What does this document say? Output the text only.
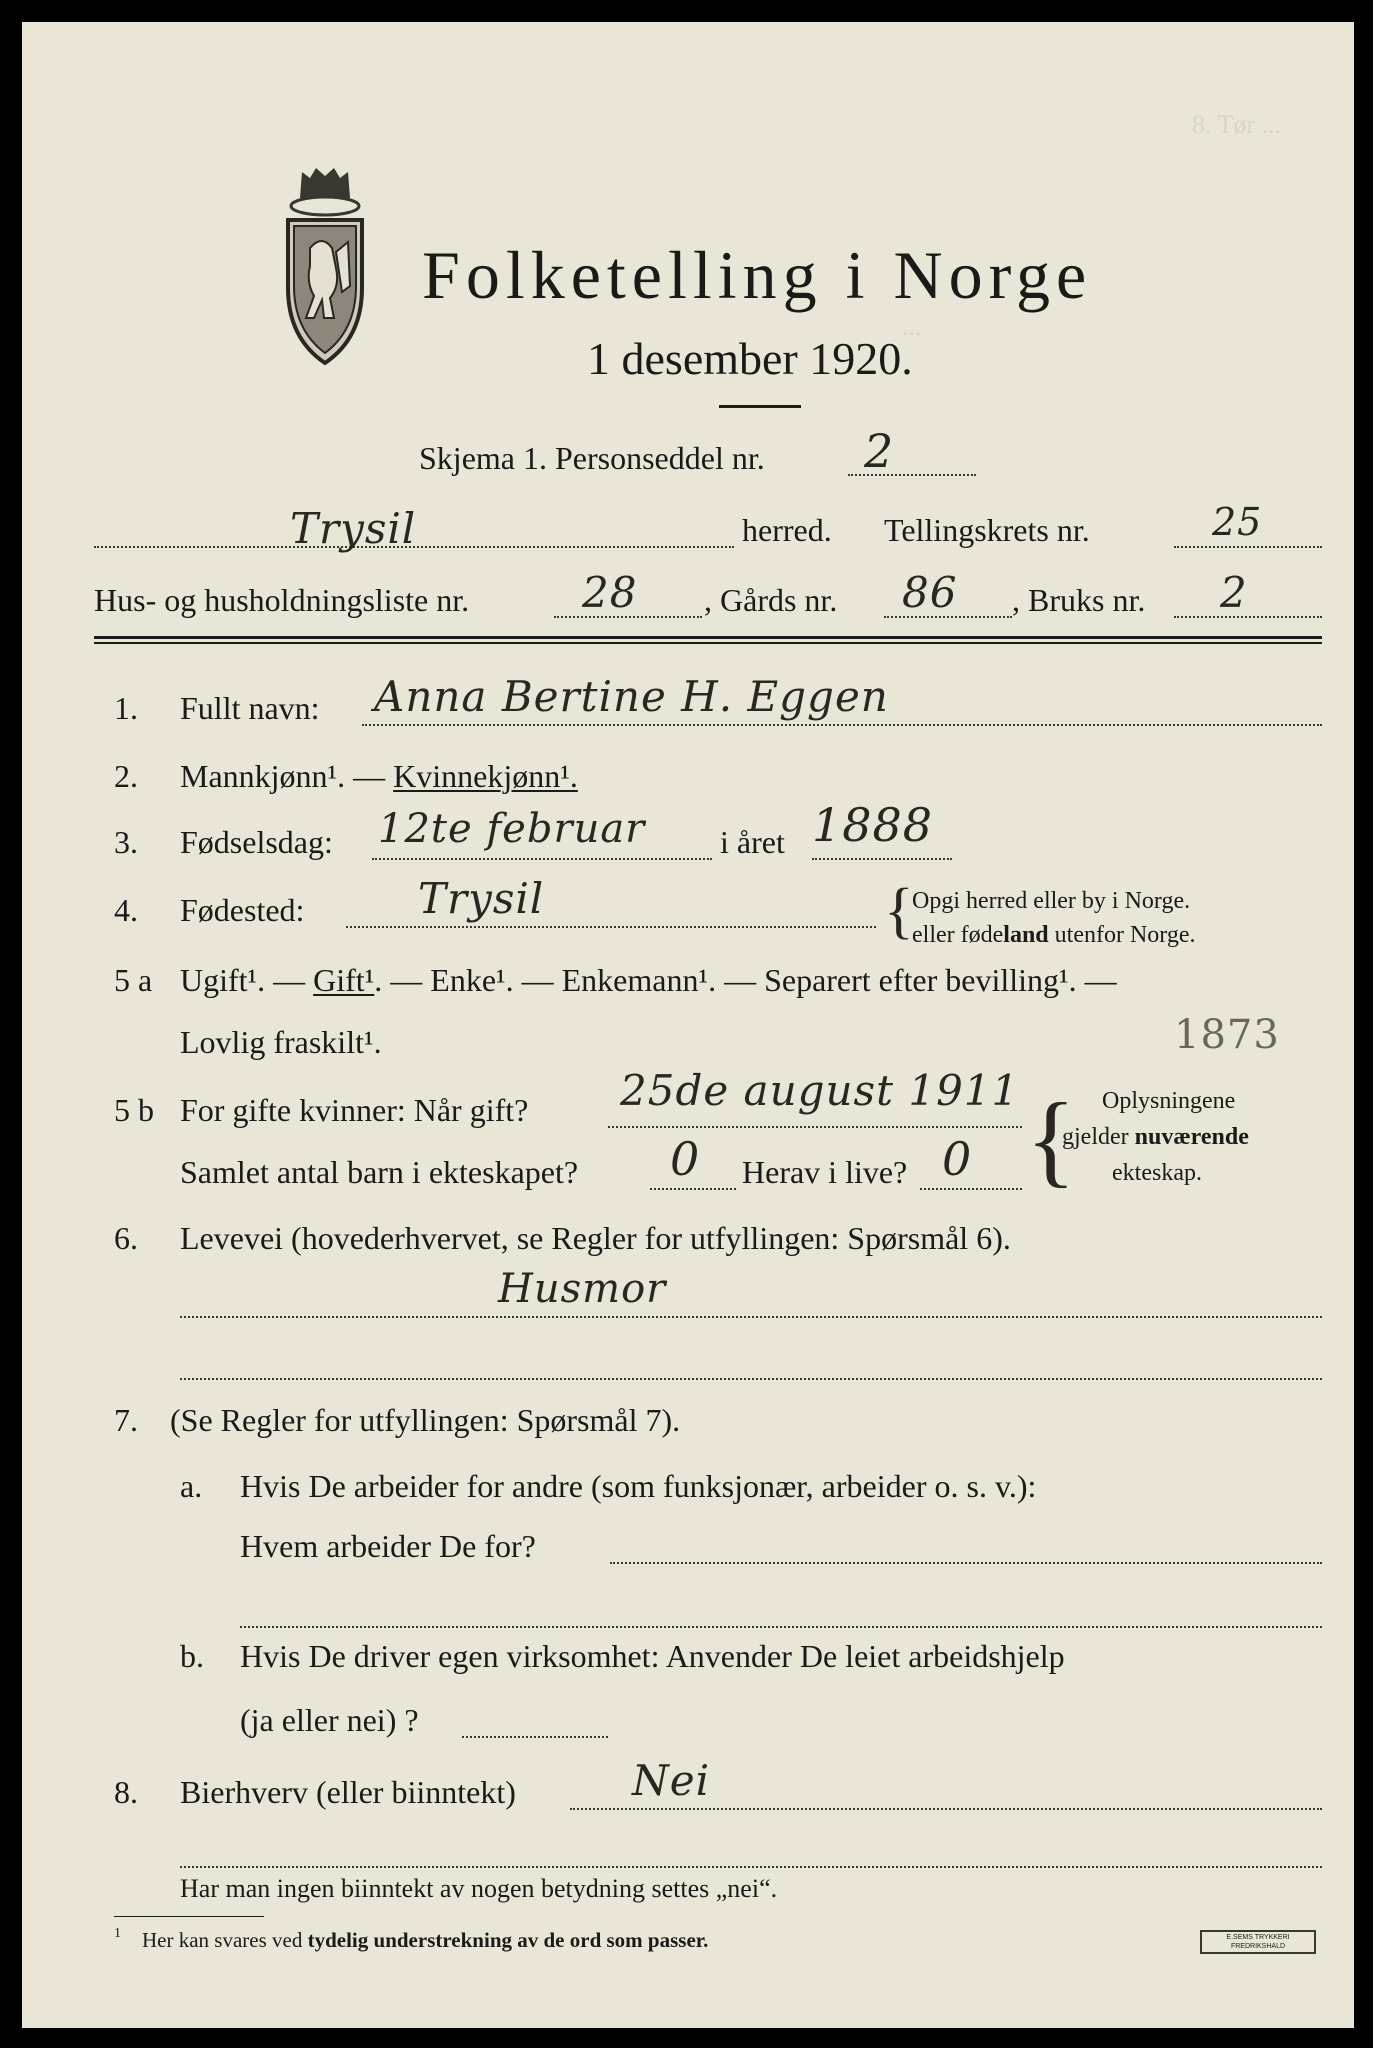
8. Tør ...
...
Folketelling i Norge
1 desember 1920.
Skjema 1. Personseddel nr. 2
Trysil	herred. Tellingskrets nr.	25
Hus- og husholdningsliste nr.	28 , Gårds nr. 86 , Bruks nr. 2
1. Fullt navn: Anna Bertine H. Eggen
2. Mannkjønn¹. — Kvinnekjønn¹.
3. Fødselsdag: 12te februar i året 1888
4. Fødested:	Trysil	{
Opgi herred eller by i Norge.
eller fødeland utenfor Norge.
5 a Ugift¹. — Gift¹. — Enke¹. — Enkemann¹. — Separert efter bevilling¹. —
Lovlig fraskilt¹.	1873
5 b For gifte kvinner: Når gift? 25de august 1911
Samlet antal barn i ekteskapet? 0 Herav i live? 0 { Oplysningene
gjelder nuværende
ekteskap.
6. Levevei (hovederhvervet, se Regler for utfyllingen: Spørsmål 6).
Husmor
7. (Se Regler for utfyllingen: Spørsmål 7).
a. Hvis De arbeider for andre (som funksjonær, arbeider o. s. v.):
Hvem arbeider De for?
b. Hvis De driver egen virksomhet: Anvender De leiet arbeidshjelp
(ja eller nei) ?
8. Bierhverv (eller biinntekt)	Nei
Har man ingen biinntekt av nogen betydning settes „nei“.
1 Her kan svares ved tydelig understrekning av de ord som passer.	E.SEMS TRYKKERI
FREDRIKSHALD
